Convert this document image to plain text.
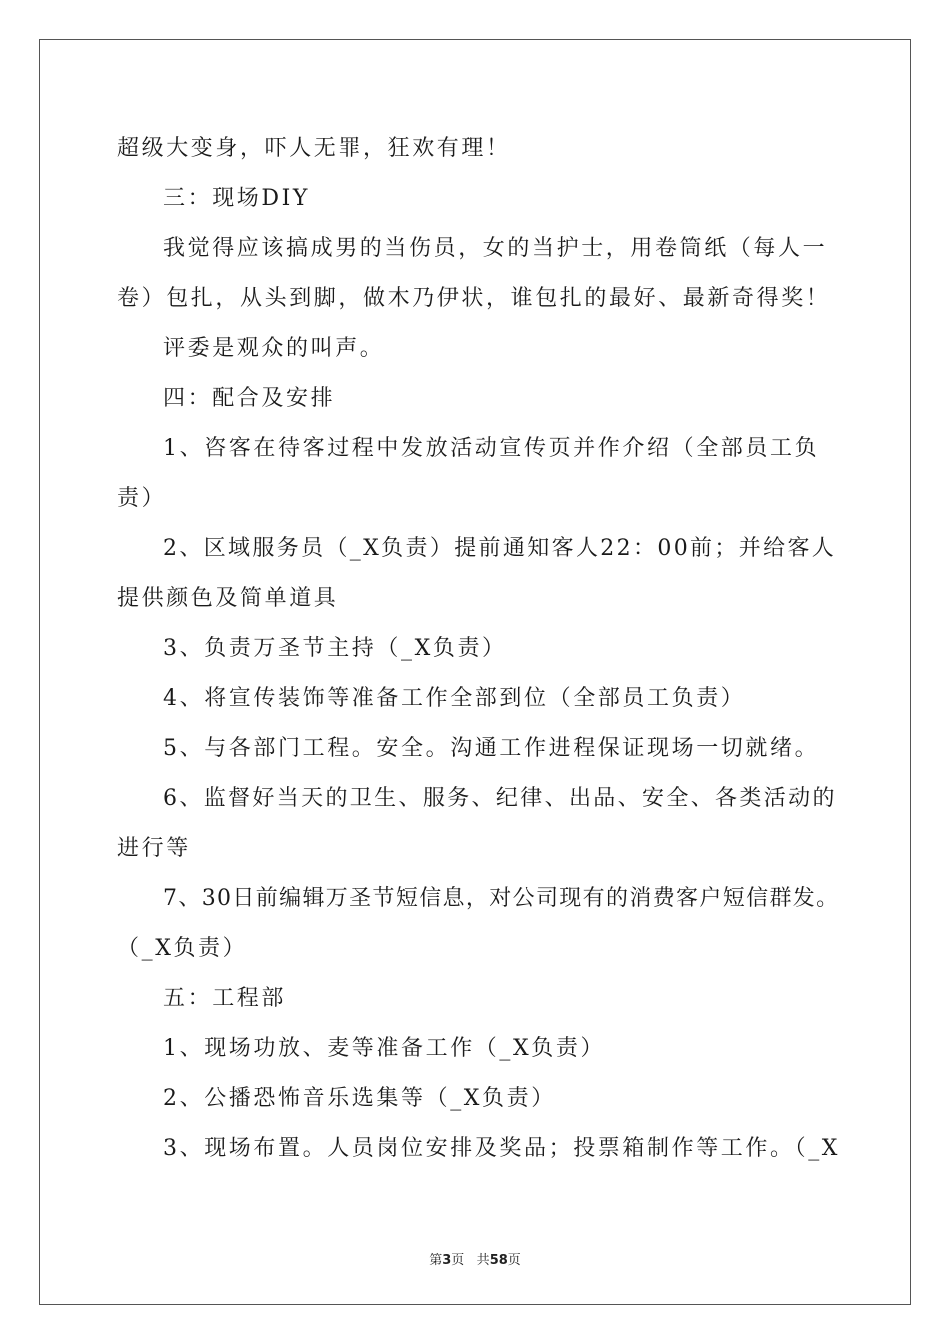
超级大变身，吓人无罪，狂欢有理！
三：现场DIY
我觉得应该搞成男的当伤员，女的当护士，用卷筒纸（每人一
卷）包扎，从头到脚，做木乃伊状，谁包扎的最好、最新奇得奖！
评委是观众的叫声。
四：配合及安排
1、咨客在待客过程中发放活动宣传页并作介绍（全部员工负
责）
2、区域服务员（_X负责）提前通知客人22：00前；并给客人
提供颜色及简单道具
3、负责万圣节主持（_X负责）
4、将宣传装饰等准备工作全部到位（全部员工负责）
5、与各部门工程。安全。沟通工作进程保证现场一切就绪。
6、监督好当天的卫生、服务、纪律、出品、安全、各类活动的
进行等
7、30日前编辑万圣节短信息，对公司现有的消费客户短信群发。
（_X负责）
五：工程部
1、现场功放、麦等准备工作（_X负责）
2、公播恐怖音乐选集等（_X负责）
3、现场布置。人员岗位安排及奖品；投票箱制作等工作。（_X
第3页 共58页
